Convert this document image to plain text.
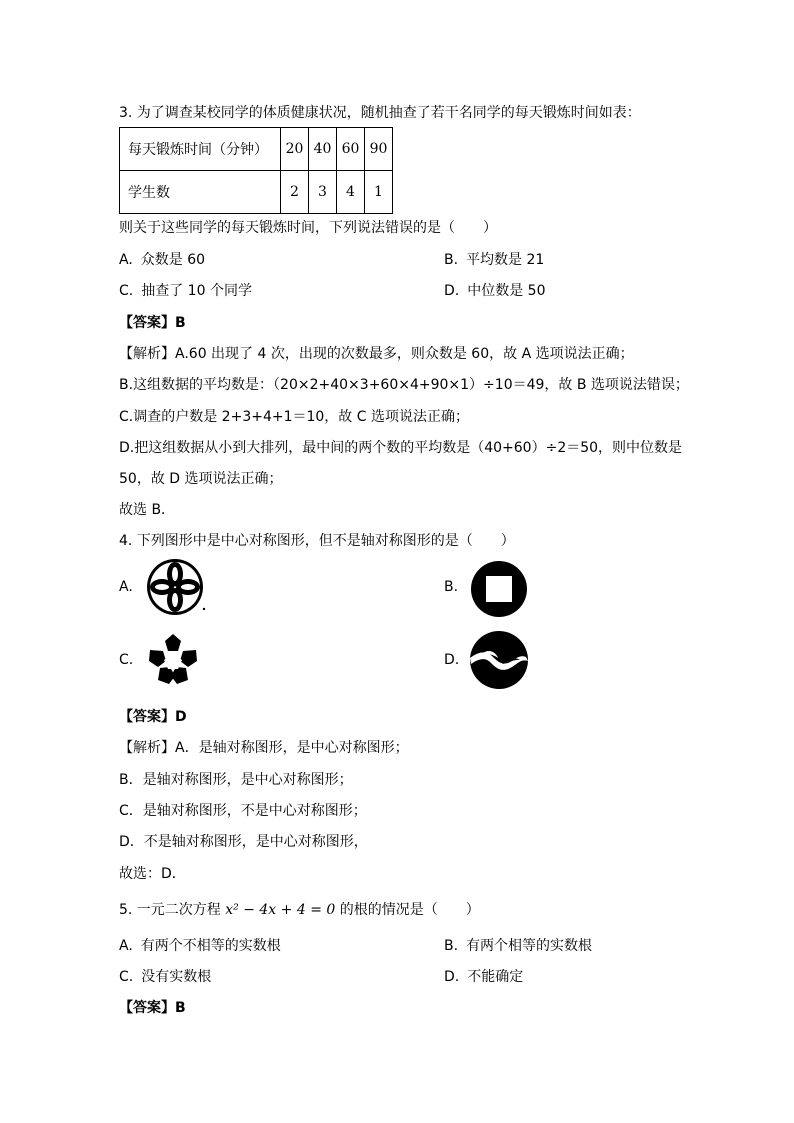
3. 为了调查某校同学的体质健康状况，随机抽查了若干名同学的每天锻炼时间如表：
每天锻炼时间（分钟）	20	40	60	90
学生数	2	3	4	1
则关于这些同学的每天锻炼时间，下列说法错误的是（　　）
A. 众数是 60	B. 平均数是 21
C. 抽查了 10 个同学	D. 中位数是 50
【答案】B
【解析】A.60 出现了 4 次，出现的次数最多，则众数是 60，故 A 选项说法正确；
B.这组数据的平均数是：（20×2+40×3+60×4+90×1）÷10＝49，故 B 选项说法错误；
C.调查的户数是 2+3+4+1＝10，故 C 选项说法正确；
D.把这组数据从小到大排列，最中间的两个数的平均数是（40+60）÷2＝50，则中位数是
50，故 D 选项说法正确；
故选 B．
4. 下列图形中是中心对称图形，但不是轴对称图形的是（　　）
A.	B.
C.	D.
【答案】D
【解析】A．是轴对称图形，是中心对称图形；
B．是轴对称图形，是中心对称图形；
C．是轴对称图形，不是中心对称图形；
D．不是轴对称图形，是中心对称图形，
故选：D．
5. 一元二次方程 x² − 4x + 4 = 0 的根的情况是（　　）
A. 有两个不相等的实数根	B. 有两个相等的实数根
C. 没有实数根	D. 不能确定
【答案】B
